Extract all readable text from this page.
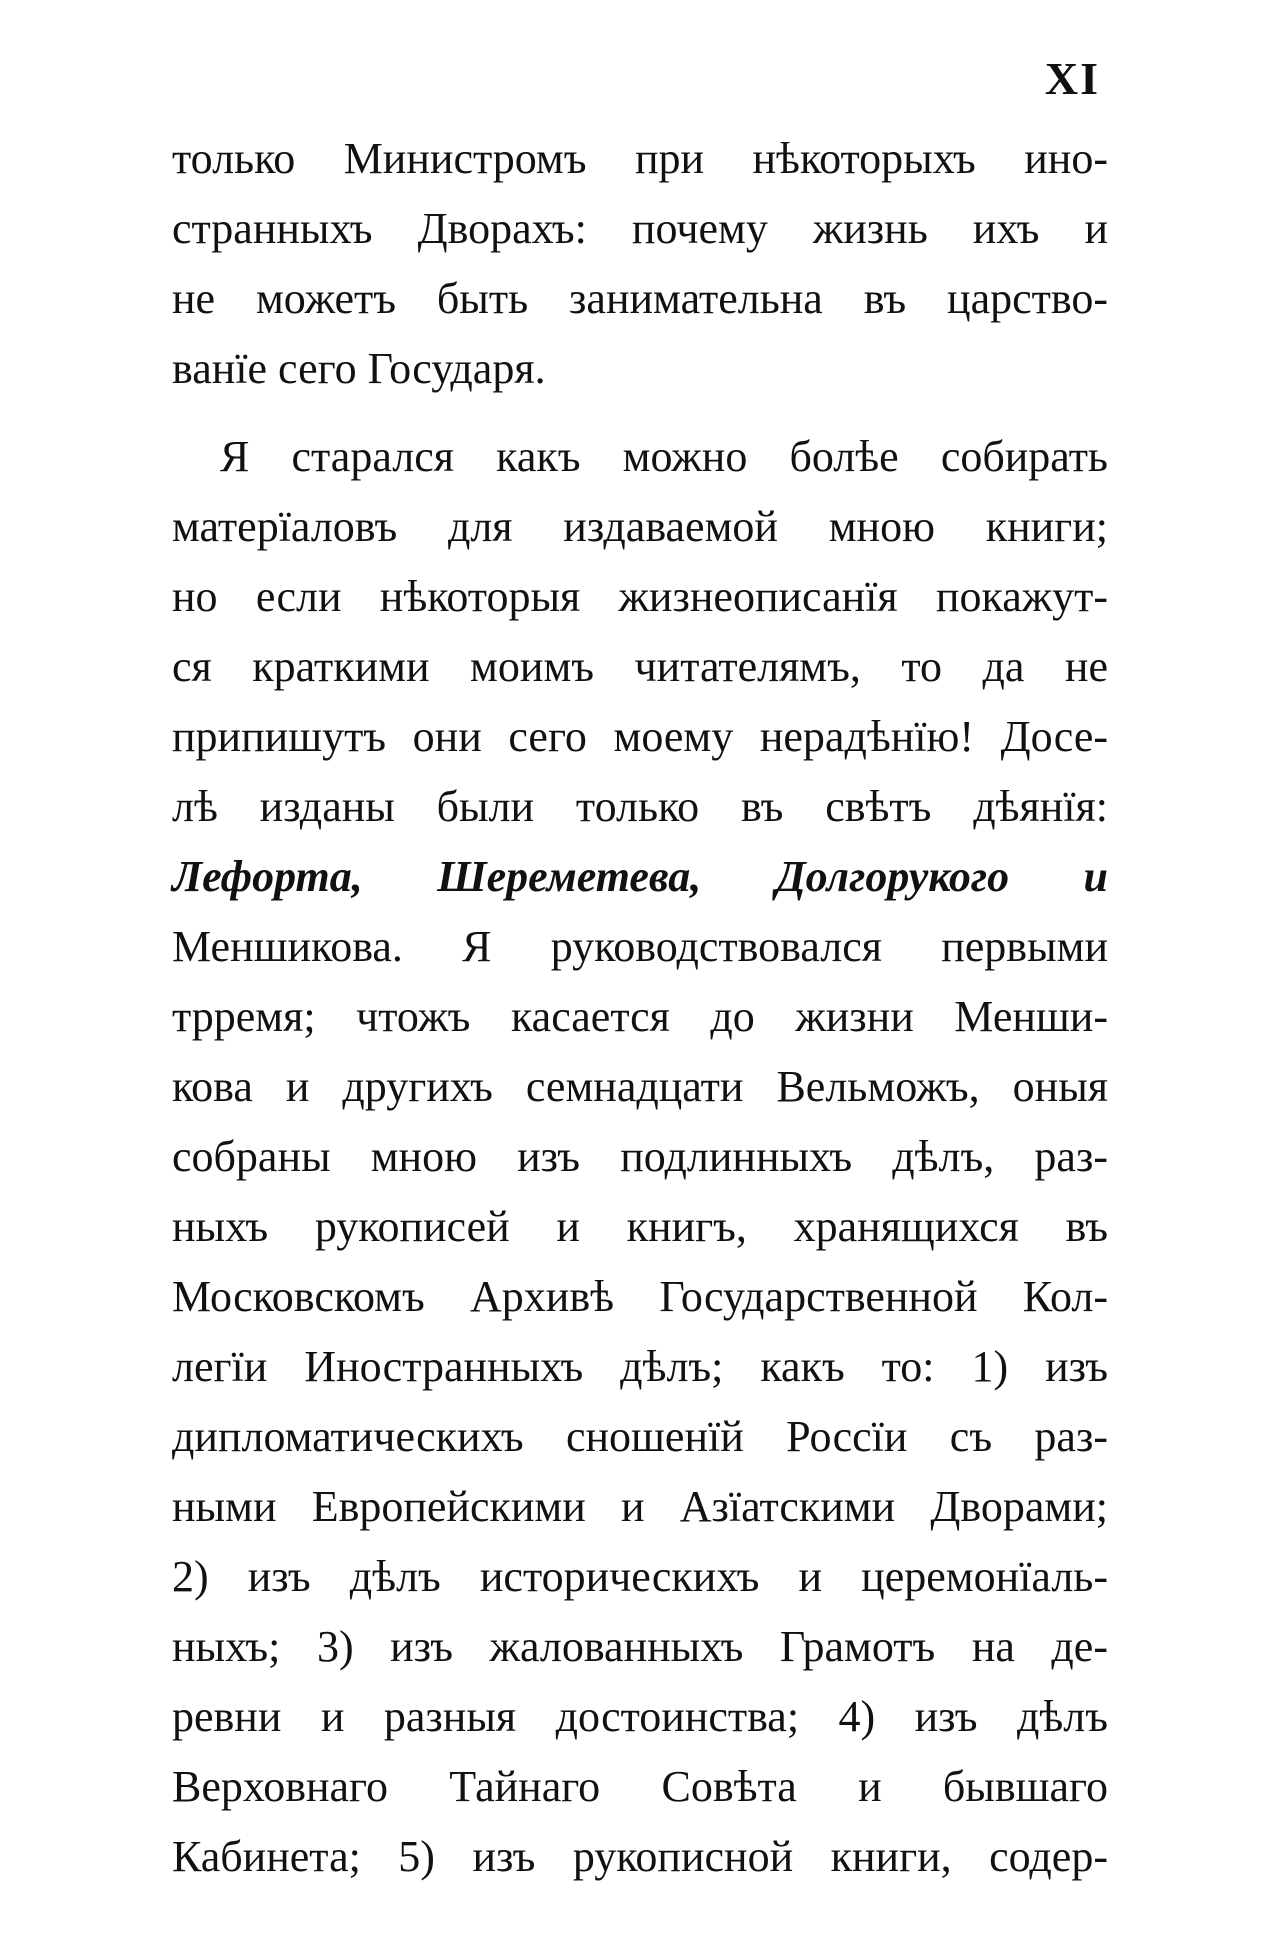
XI
только Министромъ при нѣкоторыхъ ино-
странныхъ Дворахъ: почему жизнь ихъ и
не можетъ быть занимательна въ царство-
ванїе сего Государя.
Я старался какъ можно болѣе собирать
матерїаловъ для издаваемой мною книги;
но если нѣкоторыя жизнеописанїя покажут-
ся краткими моимъ читателямъ, то да не
припишутъ они сего моему нерадѣнїю! Досе-
лѣ изданы были только въ свѣтъ дѣянїя:
Лефорта, Шереметева, Долгорукого и
Меншикова. Я руководствовался первыми
трремя; чтожъ касается до жизни Менши-
кова и другихъ семнадцати Вельможъ, оныя
собраны мною изъ подлинныхъ дѣлъ, раз-
ныхъ рукописей и книгъ, хранящихся въ
Московскомъ Архивѣ Государственной Кол-
легїи Иностранныхъ дѣлъ; какъ то: 1) изъ
дипломатическихъ сношенїй Россїи съ раз-
ными Европейскими и Азїатскими Дворами;
2) изъ дѣлъ историческихъ и церемонїаль-
ныхъ; 3) изъ жалованныхъ Грамотъ на де-
ревни и разныя достоинства; 4) изъ дѣлъ
Верховнаго Тайнаго Совѣта и бывшаго
Кабинета; 5) изъ рукописной книги, содер-
